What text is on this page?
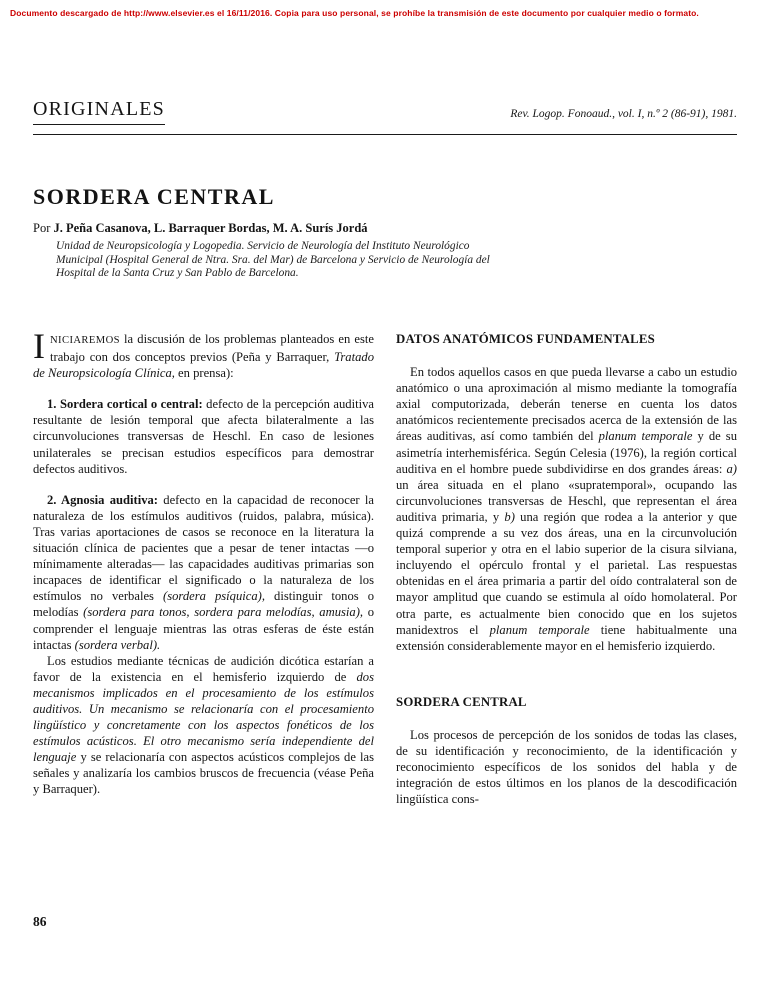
Documento descargado de http://www.elsevier.es el 16/11/2016. Copia para uso personal, se prohíbe la transmisión de este documento por cualquier medio o formato.
ORIGINALES	Rev. Logop. Fonoaud., vol. I, n.º 2 (86-91), 1981.
SORDERA CENTRAL
Por J. Peña Casanova, L. Barraquer Bordas, M. A. Surís Jordá
Unidad de Neuropsicología y Logopedia. Servicio de Neurología del Instituto Neurológico Municipal (Hospital General de Ntra. Sra. del Mar) de Barcelona y Servicio de Neurología del Hospital de la Santa Cruz y San Pablo de Barcelona.

INICIAREMOS la discusión de los problemas planteados en este trabajo con dos conceptos previos (Peña y Barraquer, Tratado de Neuropsicología Clínica, en prensa):

1. Sordera cortical o central: defecto de la percepción auditiva resultante de lesión temporal que afecta bilateralmente a las circunvoluciones transversas de Heschl. En caso de lesiones unilaterales se precisan estudios específicos para demostrar defectos auditivos.

2. Agnosia auditiva: defecto en la capacidad de reconocer la naturaleza de los estímulos auditivos (ruidos, palabra, música). Tras varias aportaciones de casos se reconoce en la literatura la situación clínica de pacientes que a pesar de tener intactas —o mínimamente alteradas— las capacidades auditivas primarias son incapaces de identificar el significado o la naturaleza de los estímulos no verbales (sordera psíquica), distinguir tonos o melodías (sordera para tonos, sordera para melodías, amusia), o comprender el lenguaje mientras las otras esferas de éste están intactas (sordera verbal).

Los estudios mediante técnicas de audición dicótica estarían a favor de la existencia en el hemisferio izquierdo de dos mecanismos implicados en el procesamiento de los estímulos auditivos. Un mecanismo se relacionaría con el procesamiento lingüístico y concretamente con los aspectos fonéticos de los estímulos acústicos. El otro mecanismo sería independiente del lenguaje y se relacionaría con aspectos acústicos complejos de las señales y analizaría los cambios bruscos de frecuencia (véase Peña y Barraquer).

DATOS ANATÓMICOS FUNDAMENTALES

En todos aquellos casos en que pueda llevarse a cabo un estudio anatómico o una aproximación al mismo mediante la tomografía axial computorizada, deberán tenerse en cuenta los datos anatómicos recientemente precisados acerca de la extensión de las áreas auditivas, así como también del planum temporale y de su asimetría interhemisférica. Según Celesia (1976), la región cortical auditiva en el hombre puede subdividirse en dos grandes áreas: a) un área situada en el plano «supratemporal», ocupando las circunvoluciones transversas de Heschl, que representan el área auditiva primaria, y b) una región que rodea a la anterior y que quizá comprende a su vez dos áreas, una en la circunvolución temporal superior y otra en el labio superior de la cisura silviana, incluyendo el opérculo frontal y el parietal. Las respuestas obtenidas en el área primaria a partir del oído contralateral son de mayor amplitud que cuando se estimula al oído homolateral. Por otra parte, es actualmente bien conocido que en los sujetos manidextros el planum temporale tiene habitualmente una extensión considerablemente mayor en el hemisferio izquierdo.

SORDERA CENTRAL

Los procesos de percepción de los sonidos de todas las clases, de su identificación y reconocimiento, de la identificación y reconocimiento específicos de los sonidos del habla y de integración de estos últimos en los planos de la descodificación lingüística cons-

86
